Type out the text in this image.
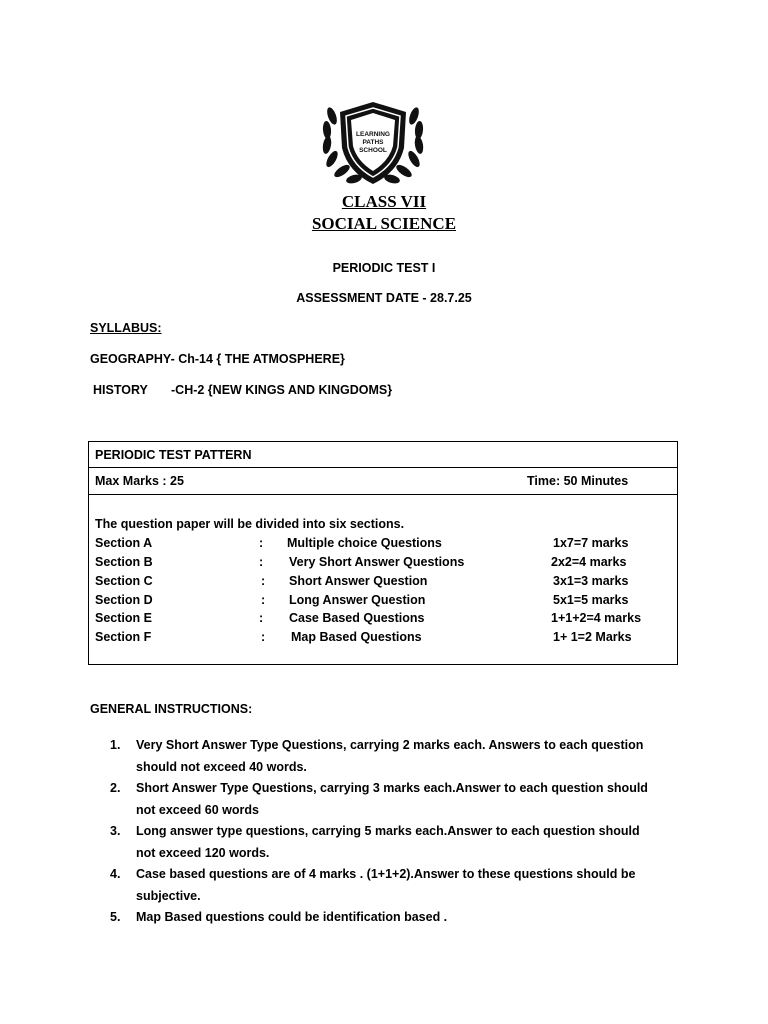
LEARNING
PATHS
SCHOOL
CLASS VII
SOCIAL SCIENCE
PERIODIC TEST I
ASSESSMENT DATE - 28.7.25
SYLLABUS:
GEOGRAPHY- Ch-14 { THE ATMOSPHERE}
HISTORY -CH-2 {NEW KINGS AND KINGDOMS}
PERIODIC TEST PATTERN
Max Marks : 25	Time: 50 Minutes
The question paper will be divided into six sections.
Section A	: Multiple choice Questions	1x7=7 marks
Section B	: Very Short Answer Questions	2x2=4 marks
Section C	: Short Answer Question	3x1=3 marks
Section D	: Long Answer Question	5x1=5 marks
Section E	: Case Based Questions	1+1+2=4 marks
Section F	: Map Based Questions	1+ 1=2 Marks
GENERAL INSTRUCTIONS:
1. Very Short Answer Type Questions, carrying 2 marks each. Answers to each question
should not exceed 40 words.
2. Short Answer Type Questions, carrying 3 marks each.Answer to each question should
not exceed 60 words
3. Long answer type questions, carrying 5 marks each.Answer to each question should
not exceed 120 words.
4. Case based questions are of 4 marks . (1+1+2).Answer to these questions should be
subjective.
5. Map Based questions could be identification based .
